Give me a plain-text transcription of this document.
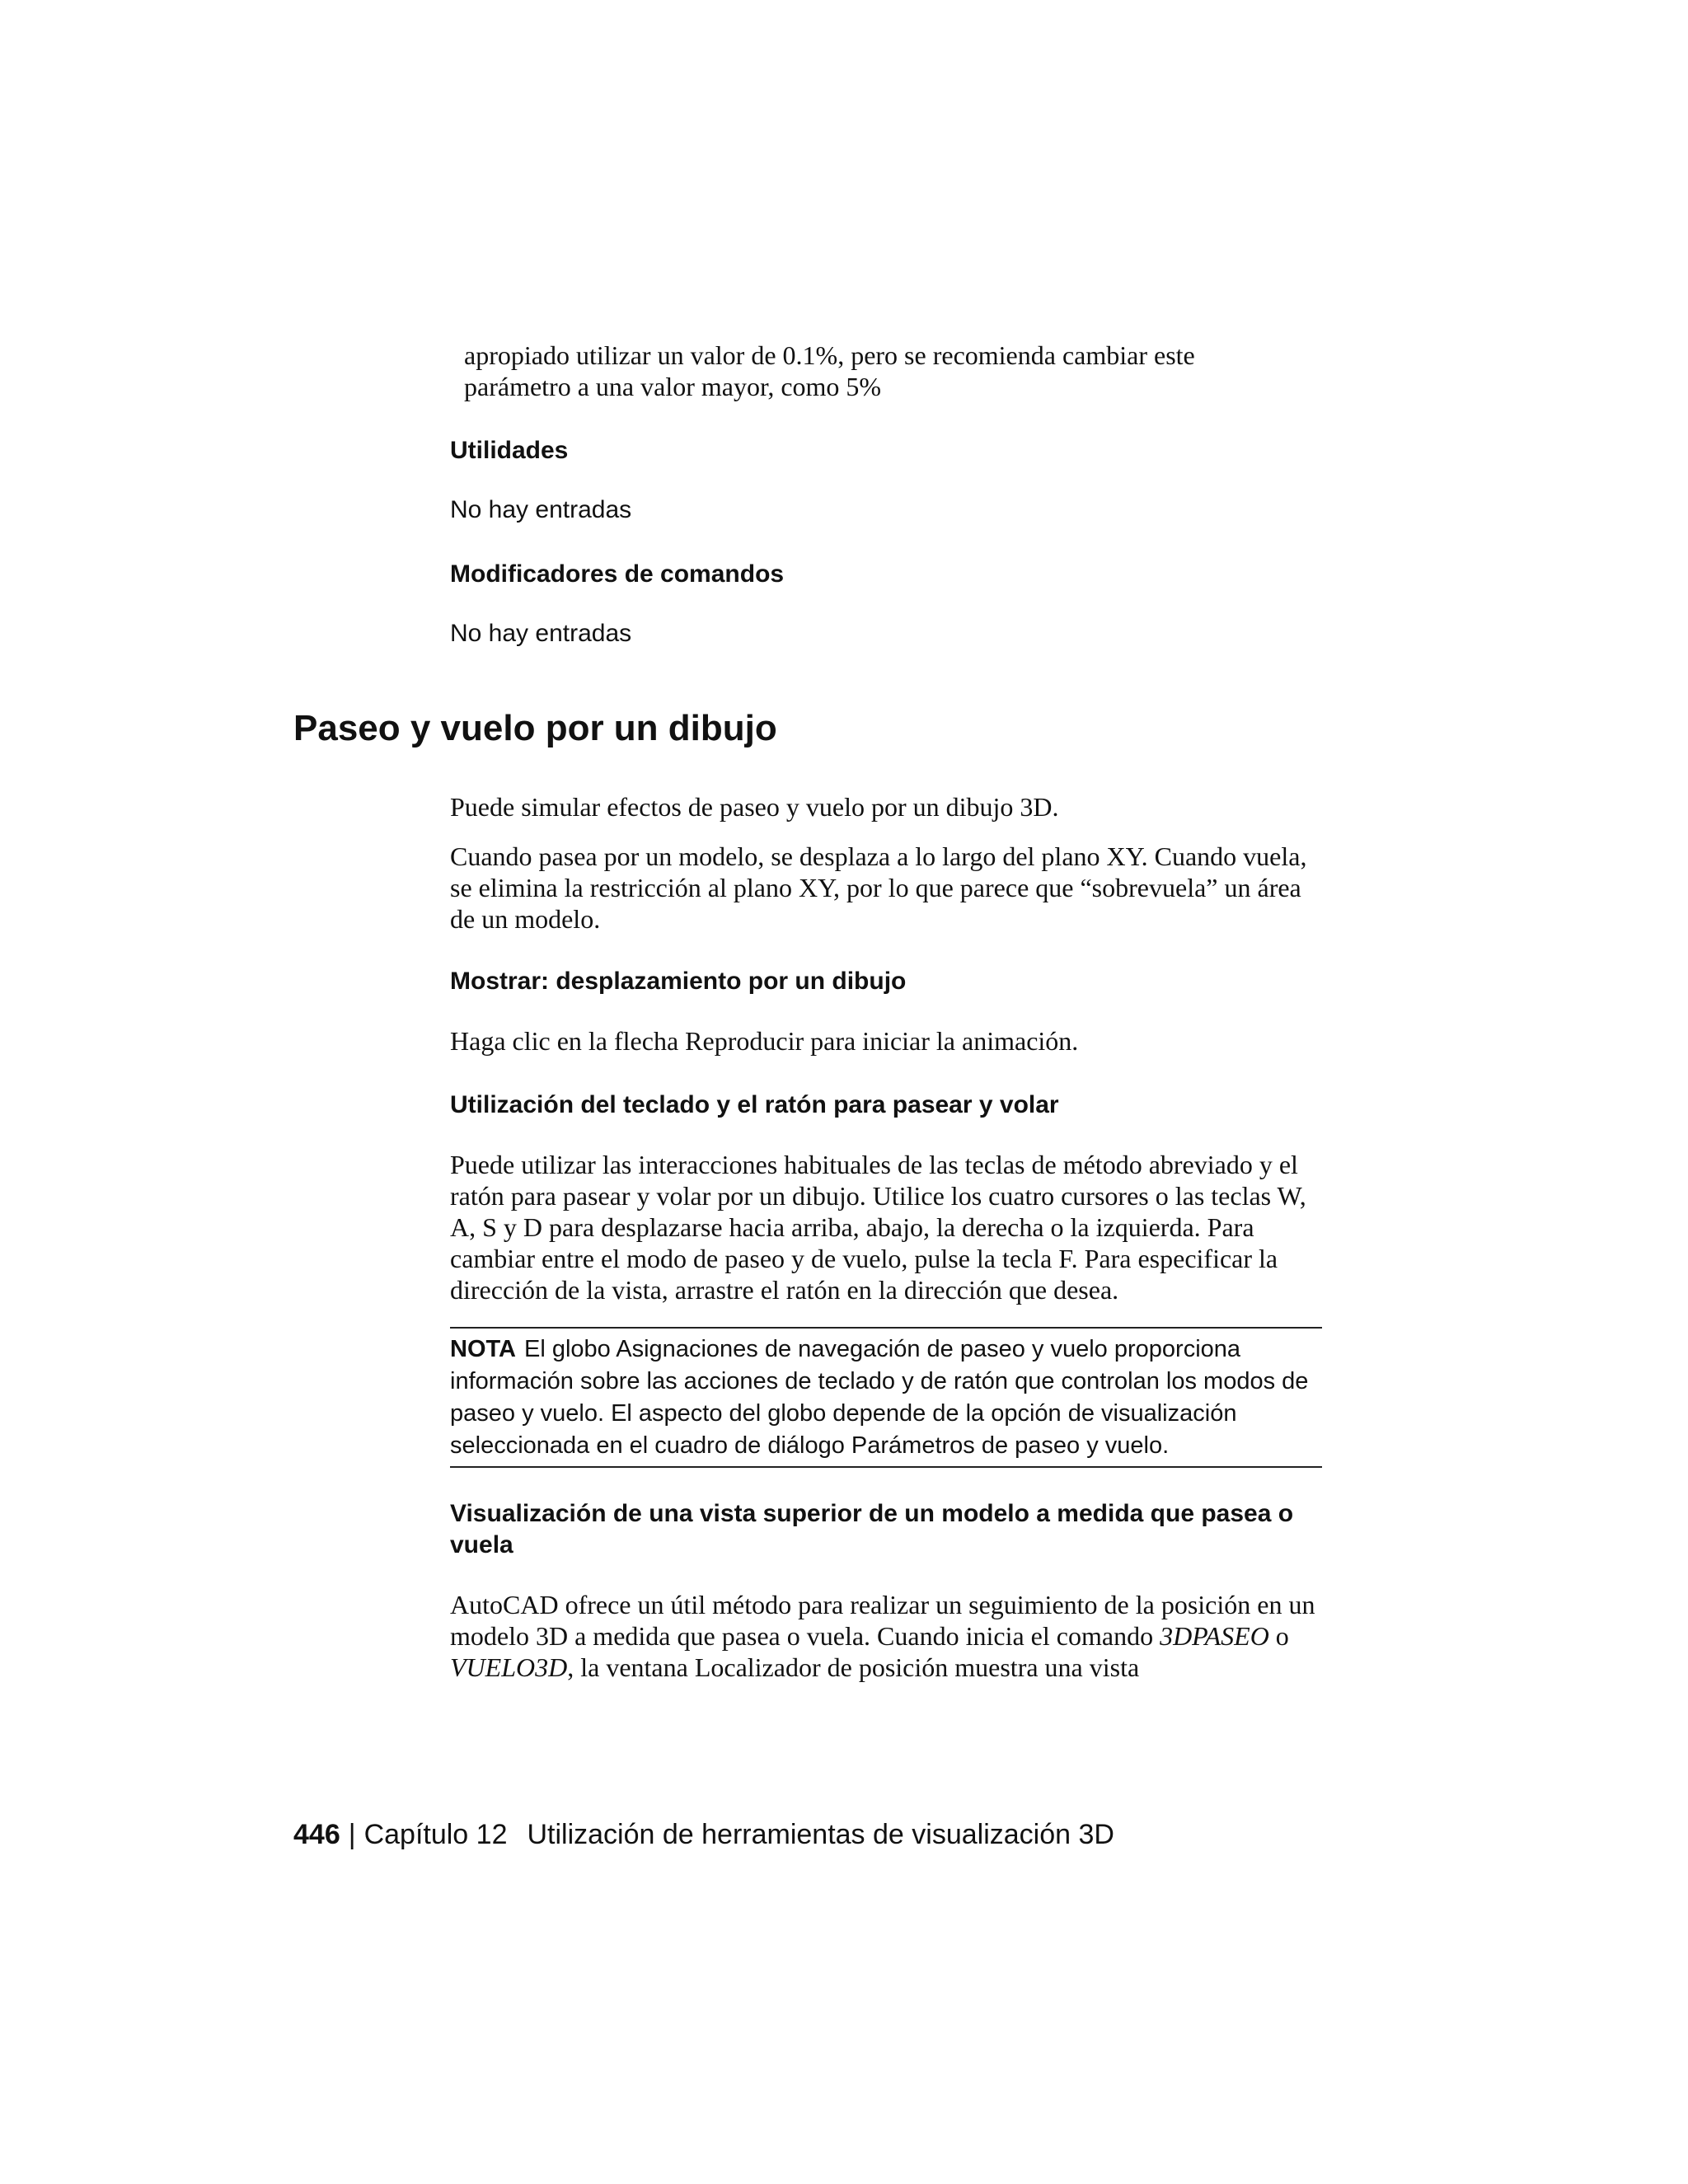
apropiado utilizar un valor de 0.1%, pero se recomienda cambiar este

parámetro a una valor mayor, como 5%

Utilidades
No hay entradas
Modificadores de comandos
No hay entradas
Paseo y vuelo por un dibujo

Puede simular efectos de paseo y vuelo por un dibujo 3D.

Cuando pasea por un modelo, se desplaza a lo largo del plano XY. Cuando vuela, se elimina la restricción al plano XY, por lo que parece que “sobrevuela” un área de un modelo.

Mostrar: desplazamiento por un dibujo

Haga clic en la flecha Reproducir para iniciar la animación.

Utilización del teclado y el ratón para pasear y volar

Puede utilizar las interacciones habituales de las teclas de método abreviado y el ratón para pasear y volar por un dibujo. Utilice los cuatro cursores o las teclas W, A, S y D para desplazarse hacia arriba, abajo, la derecha o la izquierda. Para cambiar entre el modo de paseo y de vuelo, pulse la tecla F. Para especificar la dirección de la vista, arrastre el ratón en la dirección que desea.

NOTA El globo Asignaciones de navegación de paseo y vuelo proporciona información sobre las acciones de teclado y de ratón que controlan los modos de paseo y vuelo. El aspecto del globo depende de la opción de visualización seleccionada en el cuadro de diálogo Parámetros de paseo y vuelo.
Visualización de una vista superior de un modelo a medida que pasea o vuela

AutoCAD ofrece un útil método para realizar un seguimiento de la posición en un modelo 3D a medida que pasea o vuela. Cuando inicia el comando 3DPASEO o VUELO3D, la ventana Localizador de posición muestra una vista

446 | Capítulo 12 Utilización de herramientas de visualización 3D
